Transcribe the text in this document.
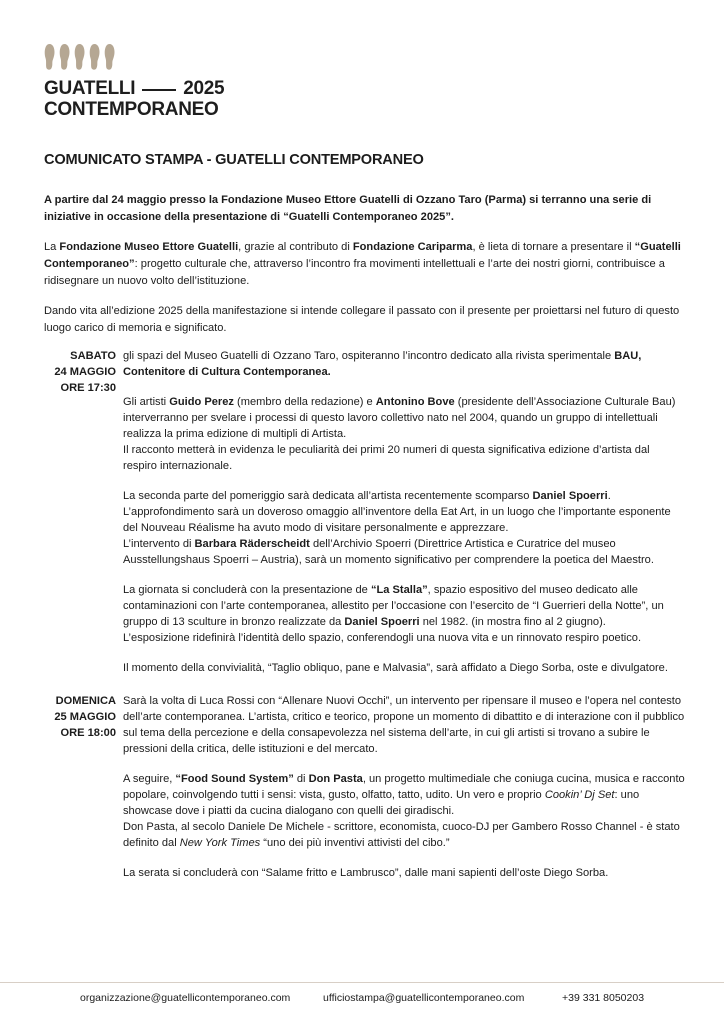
GUATELLI	2025
CONTEMPORANEO
COMUNICATO STAMPA - GUATELLI CONTEMPORANEO

A partire dal 24 maggio presso la Fondazione Museo Ettore Guatelli di Ozzano Taro (Parma) si terranno una serie di iniziative in occasione della presentazione di “Guatelli Contemporaneo 2025”.

La Fondazione Museo Ettore Guatelli, grazie al contributo di Fondazione Cariparma, è lieta di tornare a presentare il “Guatelli Contemporaneo”: progetto culturale che, attraverso l’incontro fra movimenti intellettuali e l’arte dei nostri giorni, contribuisce a ridisegnare un nuovo volto dell’istituzione.

Dando vita all’edizione 2025 della manifestazione si intende collegare il passato con il presente per proiettarsi nel futuro di questo luogo carico di memoria e significato.

SABATO
24 MAGGIO
ORE 17:30

gli spazi del Museo Guatelli di Ozzano Taro, ospiteranno l’incontro dedicato alla rivista sperimentale BAU, Contenitore di Cultura Contemporanea.

Gli artisti Guido Perez (membro della redazione) e Antonino Bove (presidente dell’Associazione Culturale Bau) interverranno per svelare i processi di questo lavoro collettivo nato nel 2004, quando un gruppo di intellettuali realizza la prima edizione di multipli di Artista.
Il racconto metterà in evidenza le peculiarità dei primi 20 numeri di questa significativa edizione d’artista dal respiro internazionale.

La seconda parte del pomeriggio sarà dedicata all’artista recentemente scomparso Daniel Spoerri.
L’approfondimento sarà un doveroso omaggio all’inventore della Eat Art, in un luogo che l’importante esponente del Nouveau Réalisme ha avuto modo di visitare personalmente e apprezzare.
L’intervento di Barbara Räderscheidt dell’Archivio Spoerri (Direttrice Artistica e Curatrice del museo Ausstellungshaus Spoerri – Austria), sarà un momento significativo per comprendere la poetica del Maestro.

La giornata si concluderà con la presentazione de “La Stalla”, spazio espositivo del museo dedicato alle contaminazioni con l’arte contemporanea, allestito per l’occasione con l’esercito de “I Guerrieri della Notte”, un gruppo di 13 sculture in bronzo realizzate da Daniel Spoerri nel 1982. (in mostra fino al 2 giugno).
L’esposizione ridefinirà l’identità dello spazio, conferendogli una nuova vita e un rinnovato respiro poetico.

Il momento della convivialità, “Taglio obliquo, pane e Malvasia”, sarà affidato a Diego Sorba, oste e divulgatore.

DOMENICA
25 MAGGIO
ORE 18:00

Sarà la volta di Luca Rossi con “Allenare Nuovi Occhi”, un intervento per ripensare il museo e l’opera nel contesto dell’arte contemporanea. L’artista, critico e teorico, propone un momento di dibattito e di interazione con il pubblico sul tema della percezione e della consapevolezza nel sistema dell’arte, in cui gli artisti si trovano a subire le pressioni della critica, delle istituzioni e del mercato.

A seguire, “Food Sound System” di Don Pasta, un progetto multimediale che coniuga cucina, musica e racconto popolare, coinvolgendo tutti i sensi: vista, gusto, olfatto, tatto, udito. Un vero e proprio Cookin’ Dj Set: uno showcase dove i piatti da cucina dialogano con quelli dei giradischi.
Don Pasta, al secolo Daniele De Michele - scrittore, economista, cuoco-DJ per Gambero Rosso Channel - è stato definito dal New York Times “uno dei più inventivi attivisti del cibo.”

La serata si concluderà con “Salame fritto e Lambrusco”, dalle mani sapienti dell’oste Diego Sorba.

organizzazione@guatellicontemporaneo.com	ufficiostampa@guatellicontemporaneo.com	+39 331 8050203
